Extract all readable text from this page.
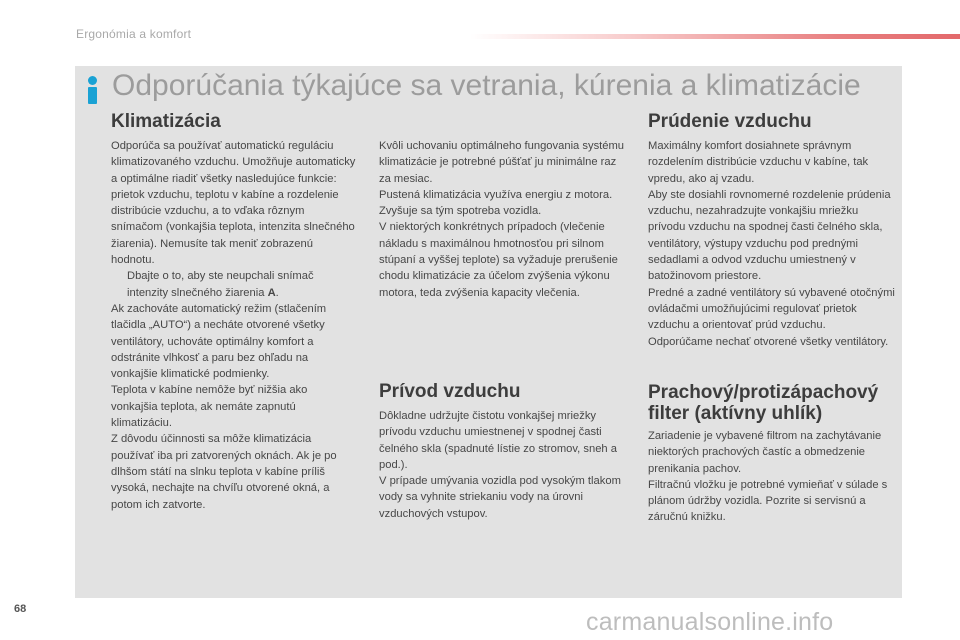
Ergonómia a komfort
Odporúčania týkajúce sa vetrania, kúrenia a klimatizácie
Klimatizácia

Odporúča sa používať automatickú reguláciu klimatizovaného vzduchu. Umožňuje automaticky a optimálne riadiť všetky nasledujúce funkcie: prietok vzduchu, teplotu v kabíne a rozdelenie distribúcie vzduchu, a to vďaka rôznym snímačom (vonkajšia teplota, intenzita slnečného žiarenia). Nemusíte tak meniť zobrazenú hodnotu.

Dbajte o to, aby ste neupchali snímač intenzity slnečného žiarenia A.

Ak zachováte automatický režim (stlačením tlačidla „AUTO“) a necháte otvorené všetky ventilátory, uchováte optimálny komfort a odstránite vlhkosť a paru bez ohľadu na vonkajšie klimatické podmienky.

Teplota v kabíne nemôže byť nižšia ako vonkajšia teplota, ak nemáte zapnutú klimatizáciu.

Z dôvodu účinnosti sa môže klimatizácia používať iba pri zatvorených oknách. Ak je po dlhšom státí na slnku teplota v kabíne príliš vysoká, nechajte na chvíľu otvorené okná, a potom ich zatvorte.

Kvôli uchovaniu optimálneho fungovania systému klimatizácie je potrebné púšťať ju minimálne raz za mesiac.

Pustená klimatizácia využíva energiu z motora. Zvyšuje sa tým spotreba vozidla.

V niektorých konkrétnych prípadoch (vlečenie nákladu s maximálnou hmotnosťou pri silnom stúpaní a vyššej teplote) sa vyžaduje prerušenie chodu klimatizácie za účelom zvýšenia výkonu motora, teda zvýšenia kapacity vlečenia.

Prívod vzduchu

Dôkladne udržujte čistotu vonkajšej mriežky prívodu vzduchu umiestnenej v spodnej časti čelného skla (spadnuté lístie zo stromov, sneh a pod.).

V prípade umývania vozidla pod vysokým tlakom vody sa vyhnite striekaniu vody na úrovni vzduchových vstupov.

Prúdenie vzduchu

Maximálny komfort dosiahnete správnym rozdelením distribúcie vzduchu v kabíne, tak vpredu, ako aj vzadu.

Aby ste dosiahli rovnomerné rozdelenie prúdenia vzduchu, nezahradzujte vonkajšiu mriežku prívodu vzduchu na spodnej časti čelného skla, ventilátory, výstupy vzduchu pod prednými sedadlami a odvod vzduchu umiestnený v batožinovom priestore.

Predné a zadné ventilátory sú vybavené otočnými ovládačmi umožňujúcimi regulovať prietok vzduchu a orientovať prúd vzduchu.

Odporúčame nechať otvorené všetky ventilátory.

Prachový/protizápachový
filter (aktívny uhlík)

Zariadenie je vybavené filtrom na zachytávanie niektorých prachových častíc a obmedzenie prenikania pachov.

Filtračnú vložku je potrebné vymieňať v súlade s plánom údržby vozidla. Pozrite si servisnú a záručnú knižku.

68	carmanualsonline.info
